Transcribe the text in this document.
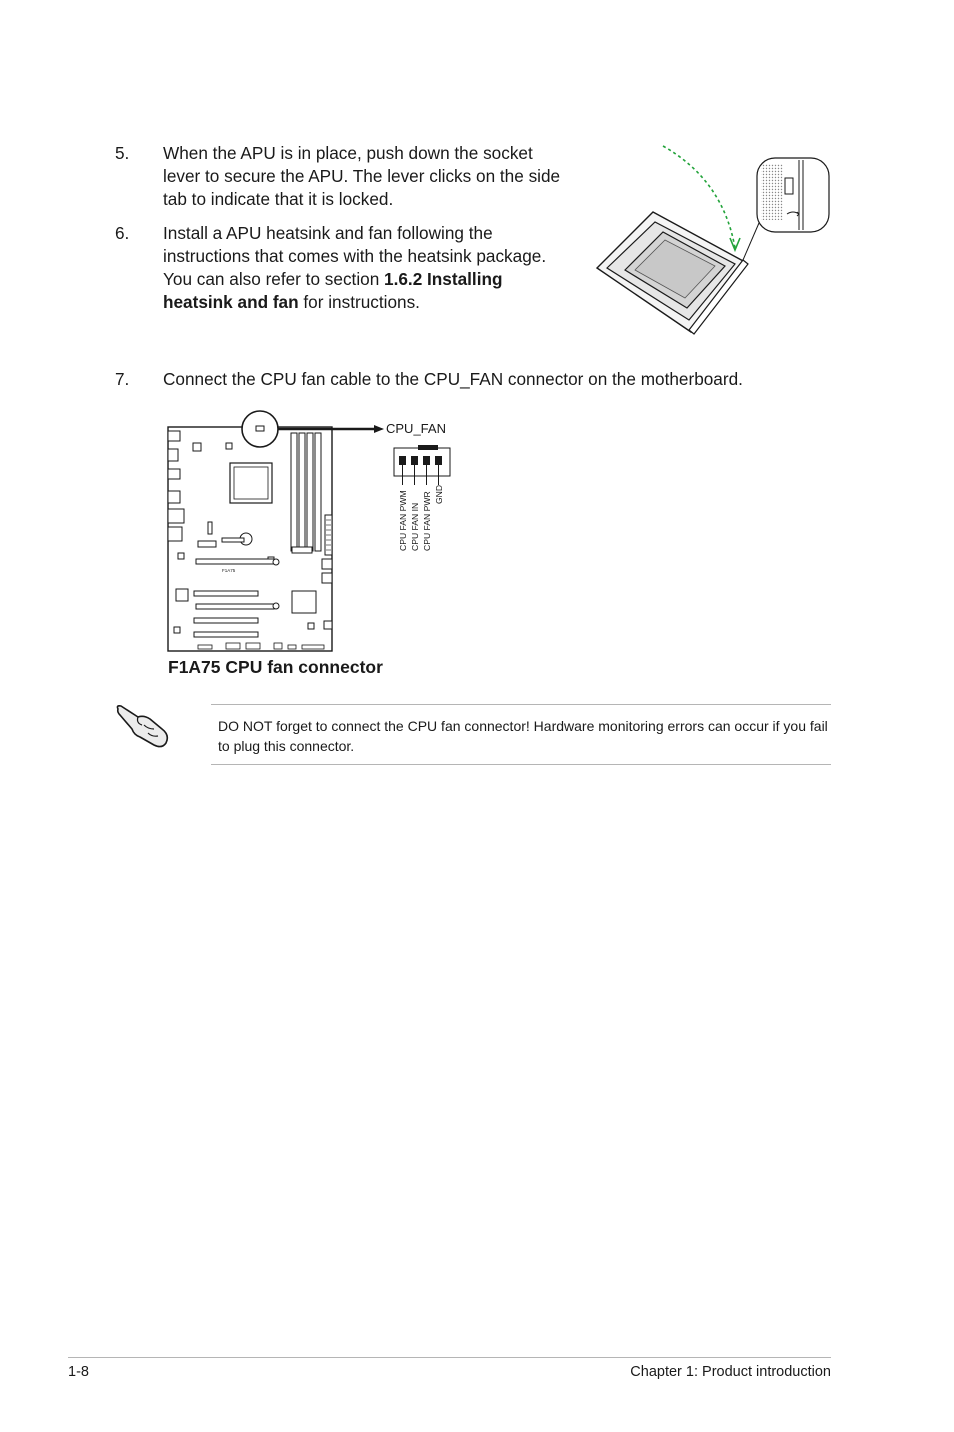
5. When the APU is in place, push down the socket
lever to secure the APU. The lever clicks on the side
tab to indicate that it is locked.
6. Install a APU heatsink and fan following the
instructions that comes with the heatsink package.
You can also refer to section 1.6.2 Installing
heatsink and fan for instructions.
7. Connect the CPU fan cable to the CPU_FAN connector on the motherboard.
F1A75
CPU_FAN
CPU FAN PWM CPU FAN IN CPU FAN PWR GND
F1A75 CPU fan connector
DO NOT forget to connect the CPU fan connector! Hardware monitoring errors can occur if you fail to plug this connector.
1-8	Chapter 1: Product introduction
